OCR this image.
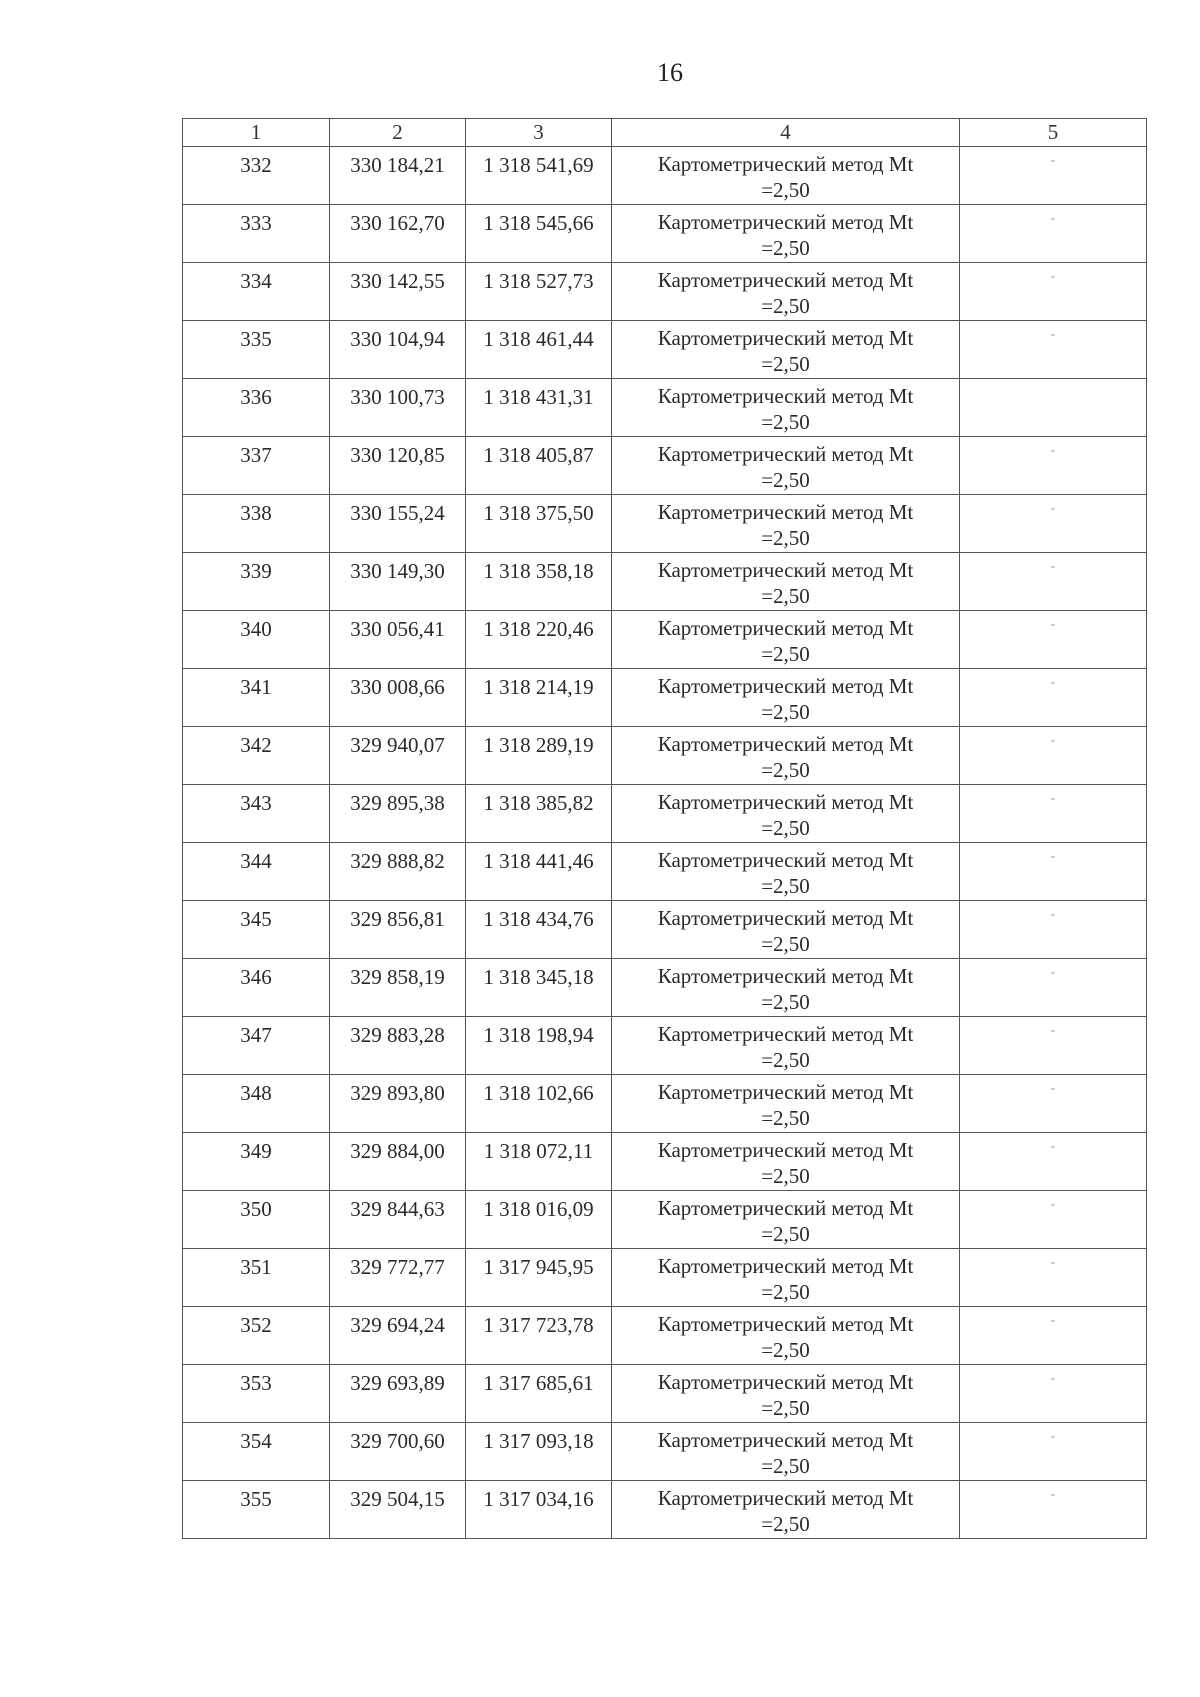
16
1	2	3	4	5
332	330 184,21	1 318 541,69	Картометрический метод Mt
=2,50	-
333	330 162,70	1 318 545,66	Картометрический метод Mt
=2,50	-
334	330 142,55	1 318 527,73	Картометрический метод Mt
=2,50	-
335	330 104,94	1 318 461,44	Картометрический метод Mt
=2,50	-
336	330 100,73	1 318 431,31	Картометрический метод Mt
=2,50	

337	330 120,85	1 318 405,87	Картометрический метод Mt
=2,50	-
338	330 155,24	1 318 375,50	Картометрический метод Mt
=2,50	-
339	330 149,30	1 318 358,18	Картометрический метод Mt
=2,50	-
340	330 056,41	1 318 220,46	Картометрический метод Mt
=2,50	-
341	330 008,66	1 318 214,19	Картометрический метод Mt
=2,50	-
342	329 940,07	1 318 289,19	Картометрический метод Mt
=2,50	-
343	329 895,38	1 318 385,82	Картометрический метод Mt
=2,50	-
344	329 888,82	1 318 441,46	Картометрический метод Mt
=2,50	-
345	329 856,81	1 318 434,76	Картометрический метод Mt
=2,50	-
346	329 858,19	1 318 345,18	Картометрический метод Mt
=2,50	-
347	329 883,28	1 318 198,94	Картометрический метод Mt
=2,50	-
348	329 893,80	1 318 102,66	Картометрический метод Mt
=2,50	-
349	329 884,00	1 318 072,11	Картометрический метод Mt
=2,50	-
350	329 844,63	1 318 016,09	Картометрический метод Mt
=2,50	-
351	329 772,77	1 317 945,95	Картометрический метод Mt
=2,50	-
352	329 694,24	1 317 723,78	Картометрический метод Mt
=2,50	-
353	329 693,89	1 317 685,61	Картометрический метод Mt
=2,50	-
354	329 700,60	1 317 093,18	Картометрический метод Mt
=2,50	-
355	329 504,15	1 317 034,16	Картометрический метод Mt
=2,50	-
